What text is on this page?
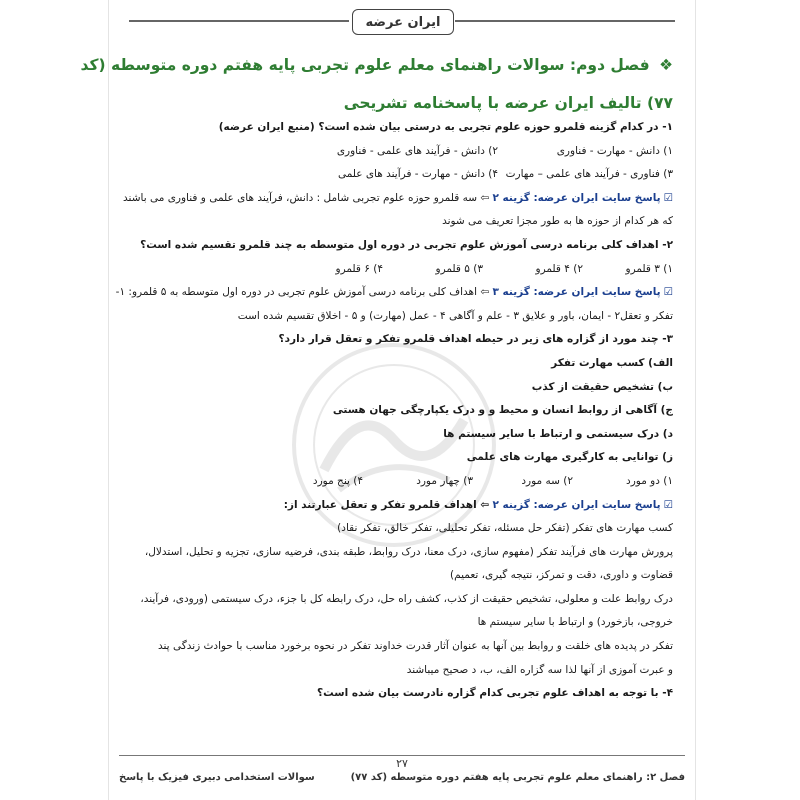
ایران عرضه
❖ فصل دوم: سوالات راهنمای معلم علوم تجربی پایه هفتم دوره متوسطه (کد
۷۷) تالیف ایران عرضه با پاسخنامه تشریحی
۱- در کدام گزینه قلمرو حوزه علوم تجربی به درستی بیان شده است؟ (منبع ایران عرضه)
۱) دانش - مهارت - فناوری
۲) دانش - فرآیند های علمی - فناوری
۳) فناوری - فرآیند های علمی – مهارت
۴) دانش - مهارت - فرآیند های علمی
☑پاسخ سایت ایران عرضه: گزینه ۲ ⇦ سه قلمرو حوزه علوم تجربی شامل : دانش، فرآیند های علمی و فناوری می باشند
که هر کدام از حوزه ها به طور مجزا تعریف می شوند
۲- اهداف کلی برنامه درسی آموزش علوم تجربی در دوره اول متوسطه به چند قلمرو تقسیم شده است؟
۱) ۳ قلمرو
۲) ۴ قلمرو
۳) ۵ قلمرو
۴) ۶ قلمرو
☑پاسخ سایت ایران عرضه: گزینه ۳ ⇦ اهداف کلی برنامه درسی آموزش علوم تجربی در دوره اول متوسطه به ۵ قلمرو: ۱-
تفکر و تعقل۲ - ایمان، باور و علایق ۳ - علم و آگاهی ۴ - عمل (مهارت) و ۵ - اخلاق تقسیم شده است
۳- چند مورد از گزاره های زیر در حیطه اهداف قلمرو تفکر و تعقل قرار دارد؟
الف) کسب مهارت تفکر
ب) تشخیص حقیقت از کذب
ج) آگاهی از روابط انسان و محیط و و درک یکپارچگی جهان هستی
د) درک سیستمی و ارتباط با سایر سیستم ها
ز) توانایی به کارگیری مهارت های علمی
۱) دو مورد
۲) سه مورد
۳) چهار مورد
۴) پنج مورد
☑پاسخ سایت ایران عرضه: گزینه ۲ ⇦ اهداف قلمرو تفکر و تعقل عبارتند از:
کسب مهارت های تفکر (تفکر حل مسئله، تفکر تحلیلی، تفکر خالق، تفکر نقاد)
پرورش مهارت های فرآیند تفکر (مفهوم سازی، درک معنا، درک روابط، طبقه بندی، فرضیه سازی، تجزیه و تحلیل، استدلال،
قضاوت و داوری، دقت و تمرکز، نتیجه گیری، تعمیم)
درک روابط علت و معلولی، تشخیص حقیقت از کذب، کشف راه حل، درک رابطه کل با جزء، درک سیستمی (ورودی، فرآیند،
خروجی، بازخورد) و ارتباط با سایر سیستم ها
تفکر در پدیده های خلقت و روابط بین آنها به عنوان آثار قدرت خداوند تفکر در نحوه برخورد مناسب با حوادث زندگی پند
و عبرت آموزی از آنها لذا سه گزاره الف، ب، د صحیح میباشند
۴- با توجه به اهداف علوم تجربی کدام گزاره نادرست بیان شده است؟
۲۷
فصل ۲: راهنمای معلم علوم تجربی پایه هفتم دوره متوسطه (کد ۷۷)
سوالات استخدامی دبیری فیزیک با پاسخ
